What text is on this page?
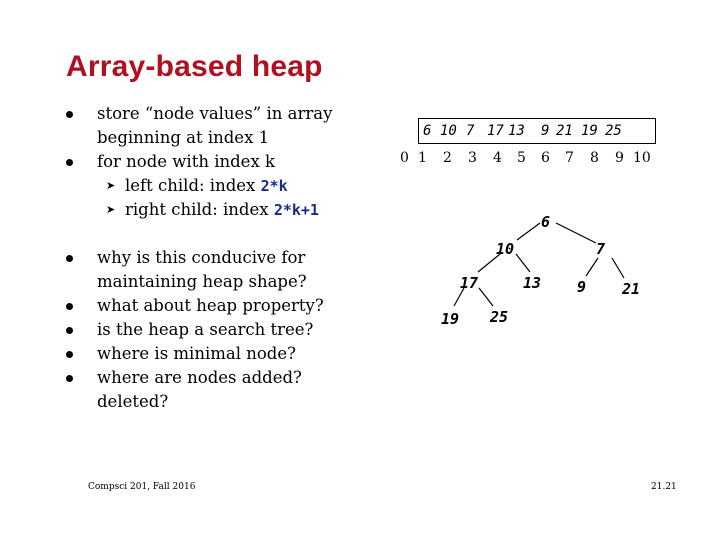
Array-based heap
store “node values” in array
beginning at index 1
for node with index k
➤ left child: index 2*k
➤ right child: index 2*k+1
why is this conducive for
maintaining heap shape?
what about heap property?
is the heap a search tree?
where is minimal node?
where are nodes added?
deleted?
6 10 7 17 13 9 21 19 25
0 1 2 3 4 5 6 7 8 9 10
6
10	7
17	13 9 21
19 25
Compsci 201, Fall 2016	21.21
